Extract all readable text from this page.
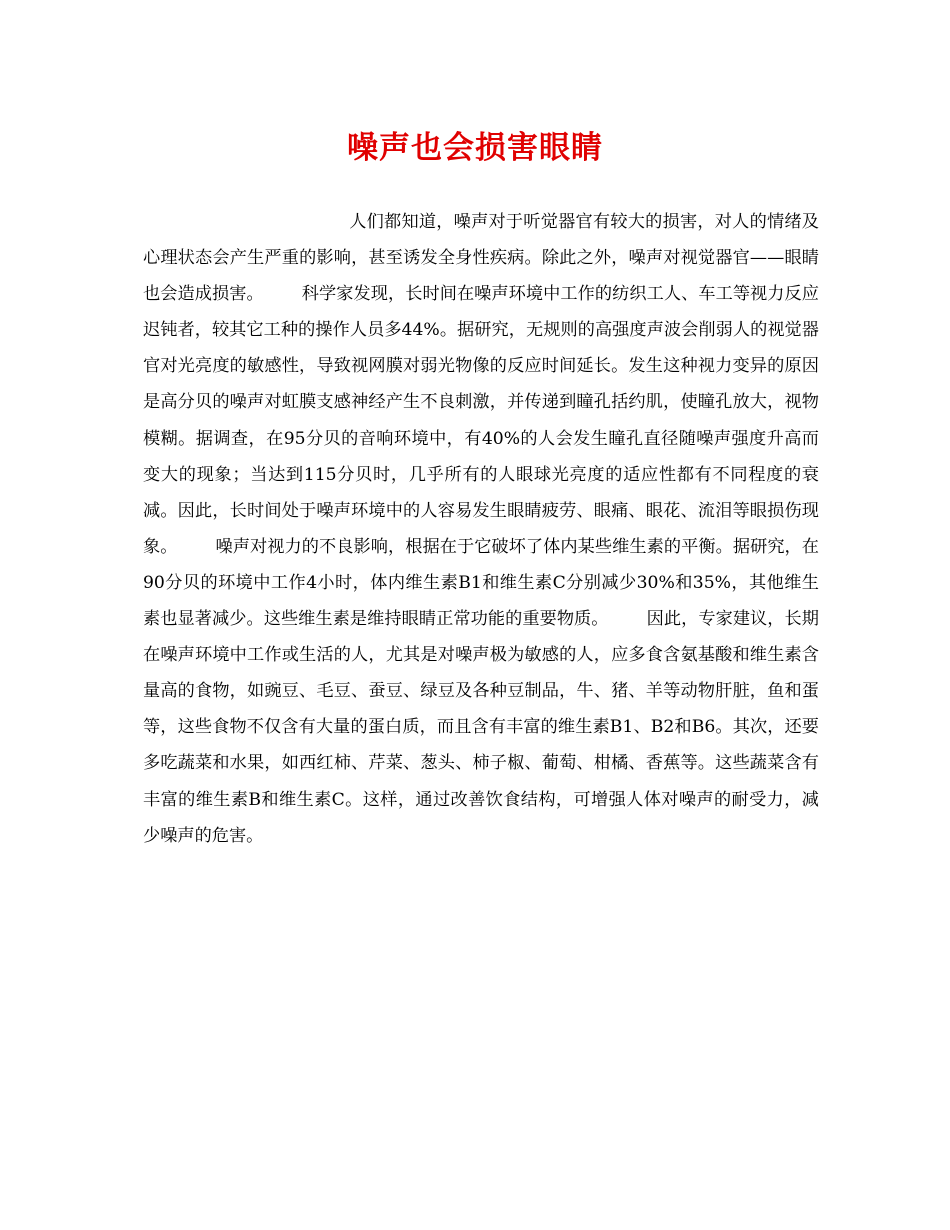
噪声也会损害眼睛
人们都知道，噪声对于听觉器官有较大的损害，对人的情绪及心理状态会产生严重的影响，甚至诱发全身性疾病。除此之外，噪声对视觉器官——眼睛也会造成损害。 科学家发现，长时间在噪声环境中工作的纺织工人、车工等视力反应迟钝者，较其它工种的操作人员多44%。据研究，无规则的高强度声波会削弱人的视觉器官对光亮度的敏感性，导致视网膜对弱光物像的反应时间延长。发生这种视力变异的原因是高分贝的噪声对虹膜支感神经产生不良刺激，并传递到瞳孔括约肌，使瞳孔放大，视物模糊。据调查，在95分贝的音响环境中，有40%的人会发生瞳孔直径随噪声强度升高而变大的现象；当达到115分贝时，几乎所有的人眼球光亮度的适应性都有不同程度的衰减。因此，长时间处于噪声环境中的人容易发生眼睛疲劳、眼痛、眼花、流泪等眼损伤现象。 噪声对视力的不良影响，根据在于它破坏了体内某些维生素的平衡。据研究，在90分贝的环境中工作4小时，体内维生素B1和维生素C分别减少30%和35%，其他维生素也显著减少。这些维生素是维持眼睛正常功能的重要物质。 因此，专家建议，长期在噪声环境中工作或生活的人，尤其是对噪声极为敏感的人，应多食含氨基酸和维生素含量高的食物，如豌豆、毛豆、蚕豆、绿豆及各种豆制品，牛、猪、羊等动物肝脏，鱼和蛋等，这些食物不仅含有大量的蛋白质，而且含有丰富的维生素B1、B2和B6。其次，还要多吃蔬菜和水果，如西红柿、芹菜、葱头、柿子椒、葡萄、柑橘、香蕉等。这些蔬菜含有丰富的维生素B和维生素C。这样，通过改善饮食结构，可增强人体对噪声的耐受力，减少噪声的危害。
